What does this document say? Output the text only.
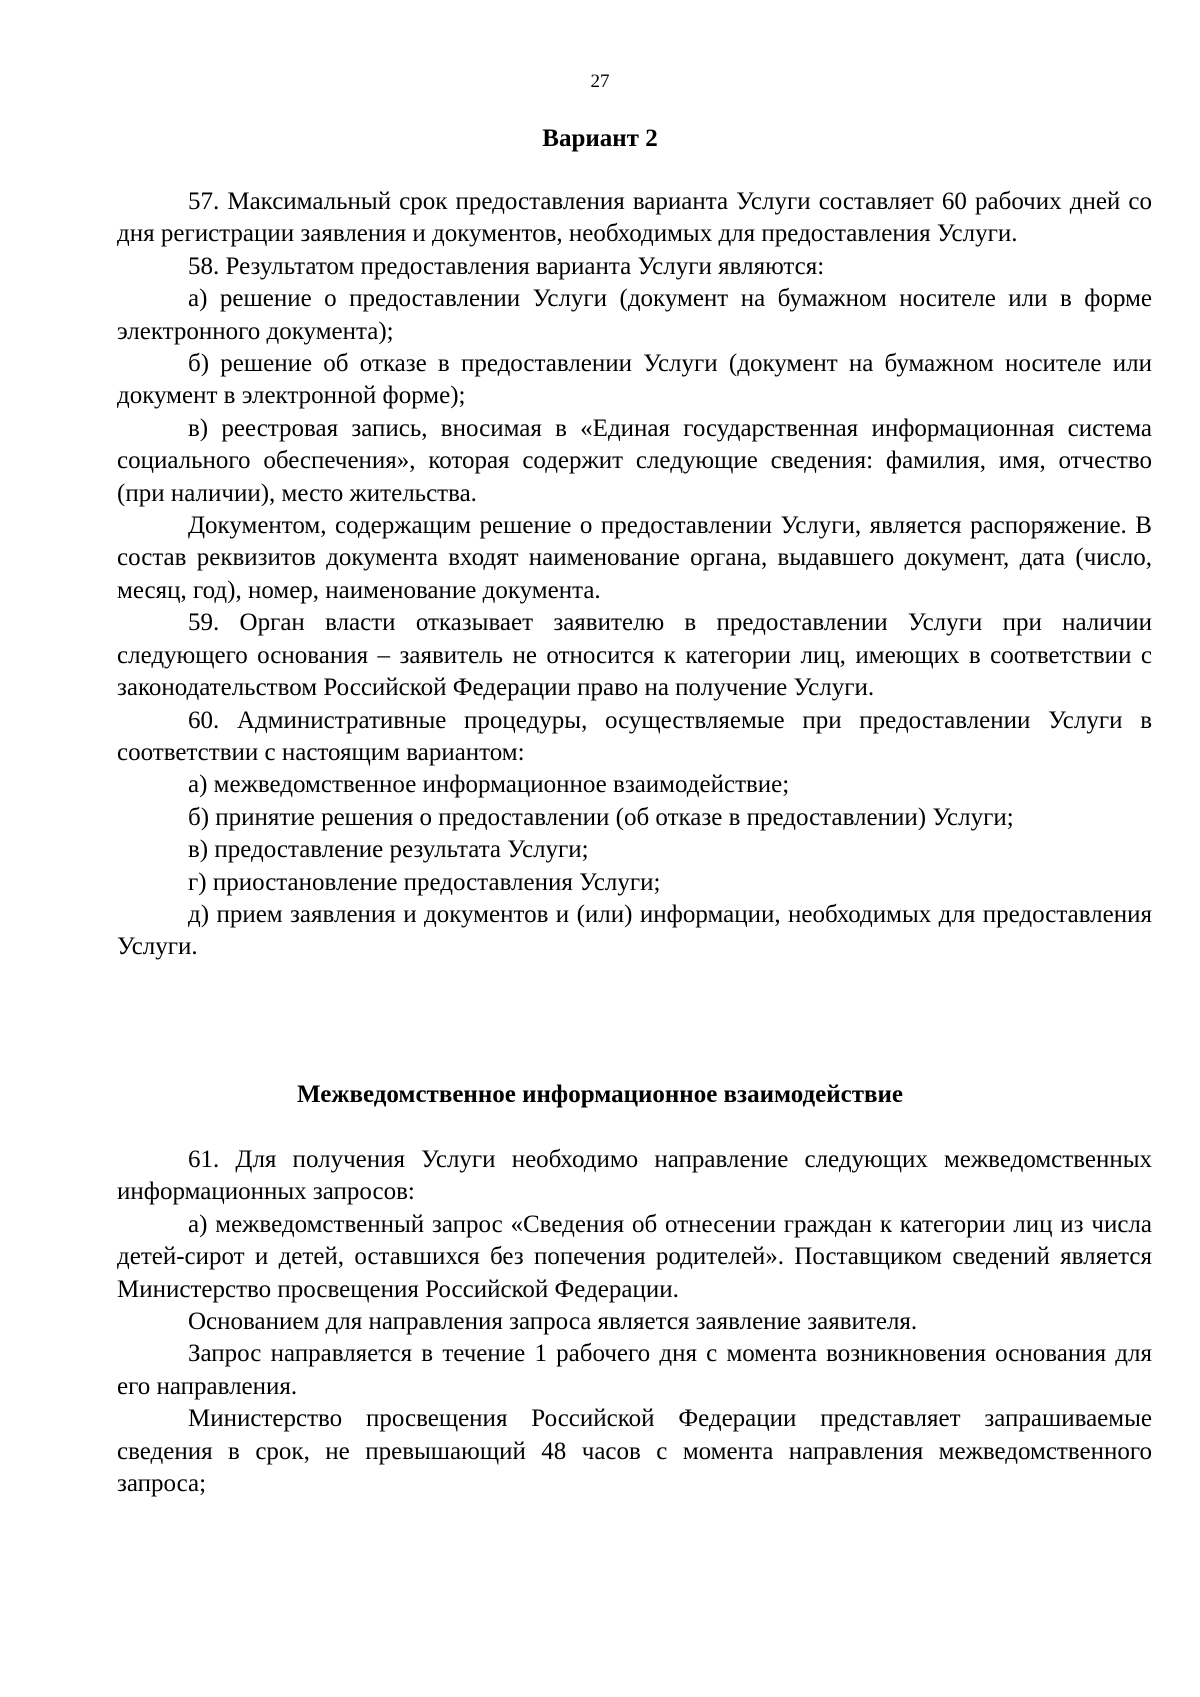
27
Вариант 2

57. Максимальный срок предоставления варианта Услуги составляет 60 рабочих дней со дня регистрации заявления и документов, необходимых для предоставления Услуги.

58. Результатом предоставления варианта Услуги являются:

а) решение о предоставлении Услуги (документ на бумажном носителе или в форме электронного документа);

б) решение об отказе в предоставлении Услуги (документ на бумажном носителе или документ в электронной форме);

в) реестровая запись, вносимая в «Единая государственная информационная система социального обеспечения», которая содержит следующие сведения: фамилия, имя, отчество (при наличии), место жительства.

Документом, содержащим решение о предоставлении Услуги, является распоряжение. В состав реквизитов документа входят наименование органа, выдавшего документ, дата (число, месяц, год), номер, наименование документа.

59. Орган власти отказывает заявителю в предоставлении Услуги при наличии следующего основания – заявитель не относится к категории лиц, имеющих в соответствии с законодательством Российской Федерации право на получение Услуги.

60. Административные процедуры, осуществляемые при предоставлении Услуги в соответствии с настоящим вариантом:

а) межведомственное информационное взаимодействие;

б) принятие решения о предоставлении (об отказе в предоставлении) Услуги;

в) предоставление результата Услуги;

г) приостановление предоставления Услуги;

д) прием заявления и документов и (или) информации, необходимых для предоставления Услуги.

Межведомственное информационное взаимодействие

61. Для получения Услуги необходимо направление следующих межведомственных информационных запросов:

а) межведомственный запрос «Сведения об отнесении граждан к категории лиц из числа детей-сирот и детей, оставшихся без попечения родителей». Поставщиком сведений является Министерство просвещения Российской Федерации.

Основанием для направления запроса является заявление заявителя.

Запрос направляется в течение 1 рабочего дня с момента возникновения основания для его направления.

Министерство просвещения Российской Федерации представляет запрашиваемые сведения в срок, не превышающий 48 часов с момента направления межведомственного запроса;
